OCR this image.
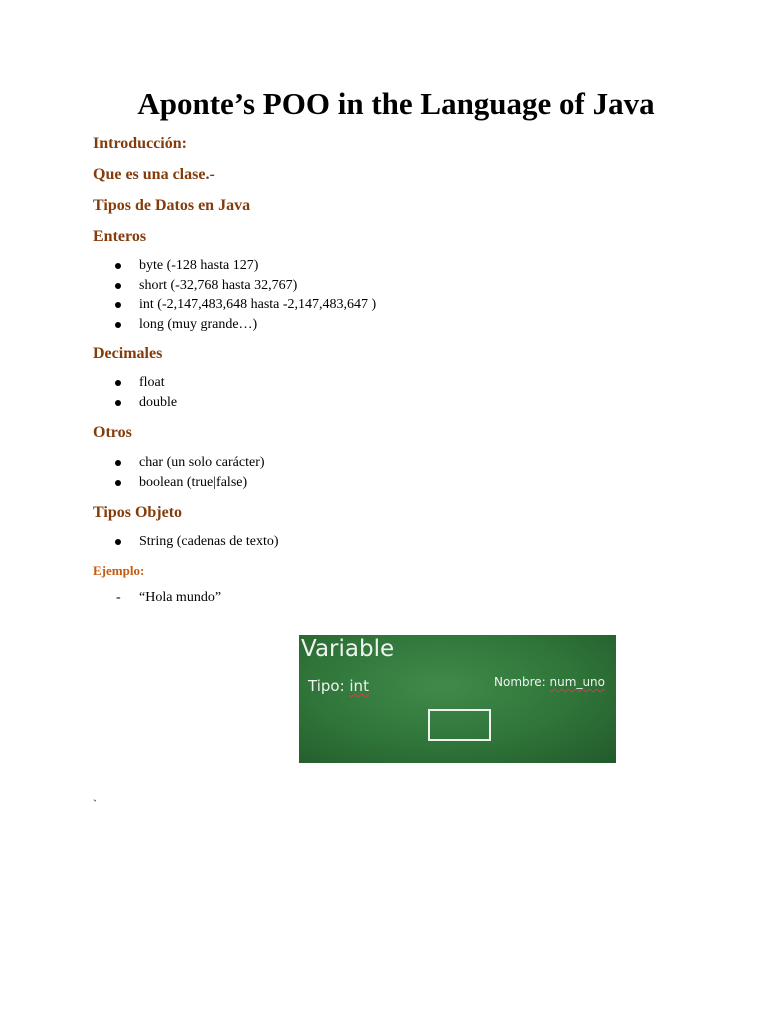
Aponte’s POO in the Language of Java
Introducción:
Que es una clase.-
Tipos de Datos en Java
Enteros
byte (-128 hasta 127)
short (-32,768 hasta 32,767)
int (-2,147,483,648 hasta -2,147,483,647 )
long (muy grande…)
Decimales
float
double
Otros
char (un solo carácter)
boolean (true|false)
Tipos Objeto
String (cadenas de texto)
Ejemplo:
- “Hola mundo”
Variable
Tipo: int	Nombre: num_uno
`
